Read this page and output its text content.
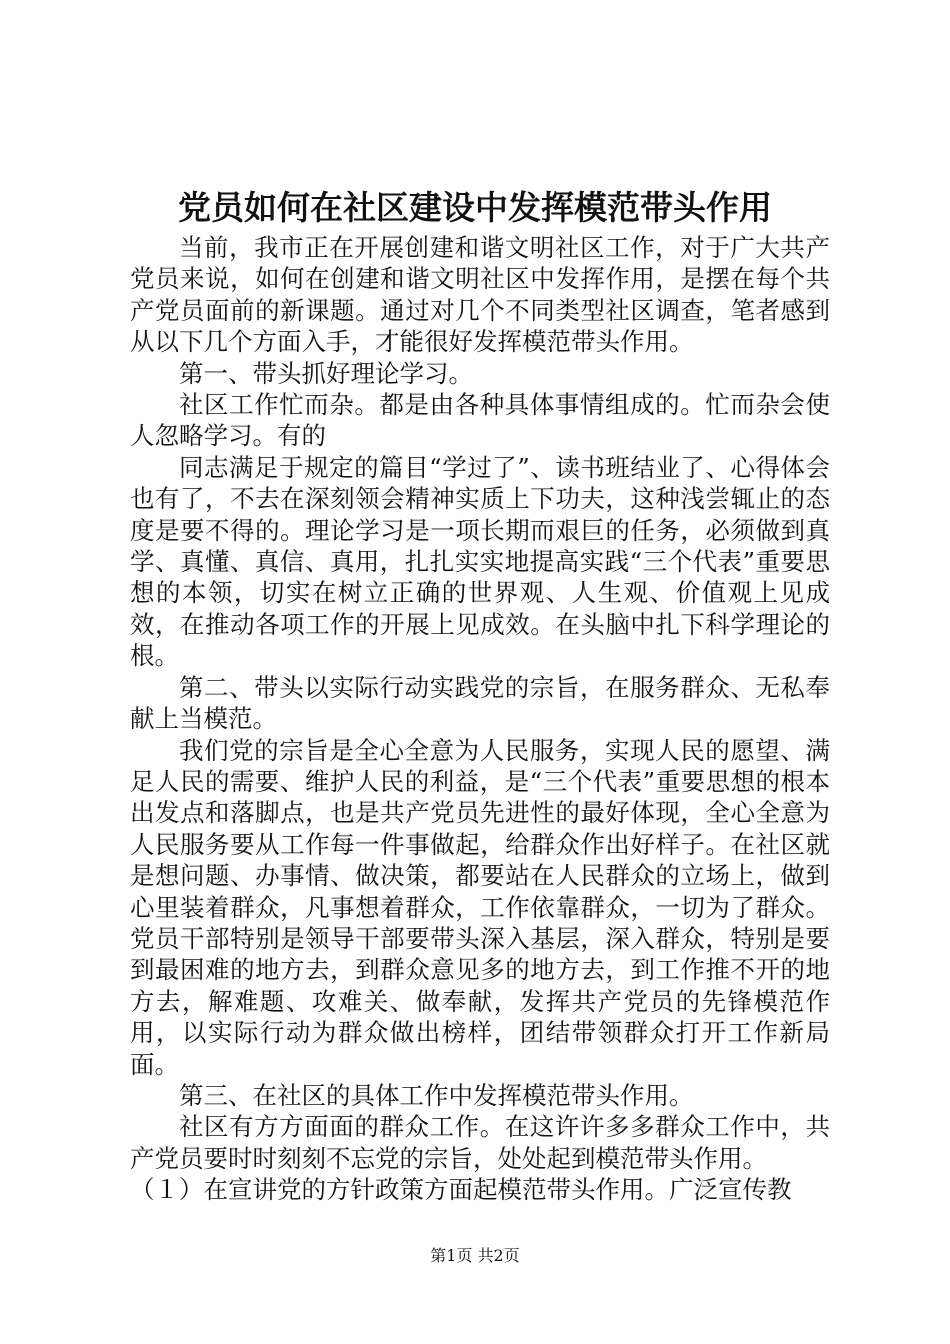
党员如何在社区建设中发挥模范带头作用

当前，我市正在开展创建和谐文明社区工作，对于广大共产党员来说，如何在创建和谐文明社区中发挥作用，是摆在每个共产党员面前的新课题。通过对几个不同类型社区调查，笔者感到从以下几个方面入手，才能很好发挥模范带头作用。

第一、带头抓好理论学习。

社区工作忙而杂。都是由各种具体事情组成的。忙而杂会使人忽略学习。有的

同志满足于规定的篇目“学过了”、读书班结业了、心得体会也有了，不去在深刻领会精神实质上下功夫，这种浅尝辄止的态度是要不得的。理论学习是一项长期而艰巨的任务，必须做到真学、真懂、真信、真用，扎扎实实地提高实践“三个代表”重要思想的本领，切实在树立正确的世界观、人生观、价值观上见成效，在推动各项工作的开展上见成效。在头脑中扎下科学理论的根。

第二、带头以实际行动实践党的宗旨，在服务群众、无私奉献上当模范。

我们党的宗旨是全心全意为人民服务，实现人民的愿望、满足人民的需要、维护人民的利益，是“三个代表”重要思想的根本出发点和落脚点，也是共产党员先进性的最好体现，全心全意为人民服务要从工作每一件事做起，给群众作出好样子。在社区就是想问题、办事情、做决策，都要站在人民群众的立场上，做到心里装着群众，凡事想着群众，工作依靠群众，一切为了群众。党员干部特别是领导干部要带头深入基层，深入群众，特别是要到最困难的地方去，到群众意见多的地方去，到工作推不开的地方去，解难题、攻难关、做奉献，发挥共产党员的先锋模范作用，以实际行动为群众做出榜样，团结带领群众打开工作新局面。

第三、在社区的具体工作中发挥模范带头作用。

社区有方方面面的群众工作。在这许许多多群众工作中，共产党员要时时刻刻不忘党的宗旨，处处起到模范带头作用。

（１）在宣讲党的方针政策方面起模范带头作用。广泛宣传教

第1页 共2页
